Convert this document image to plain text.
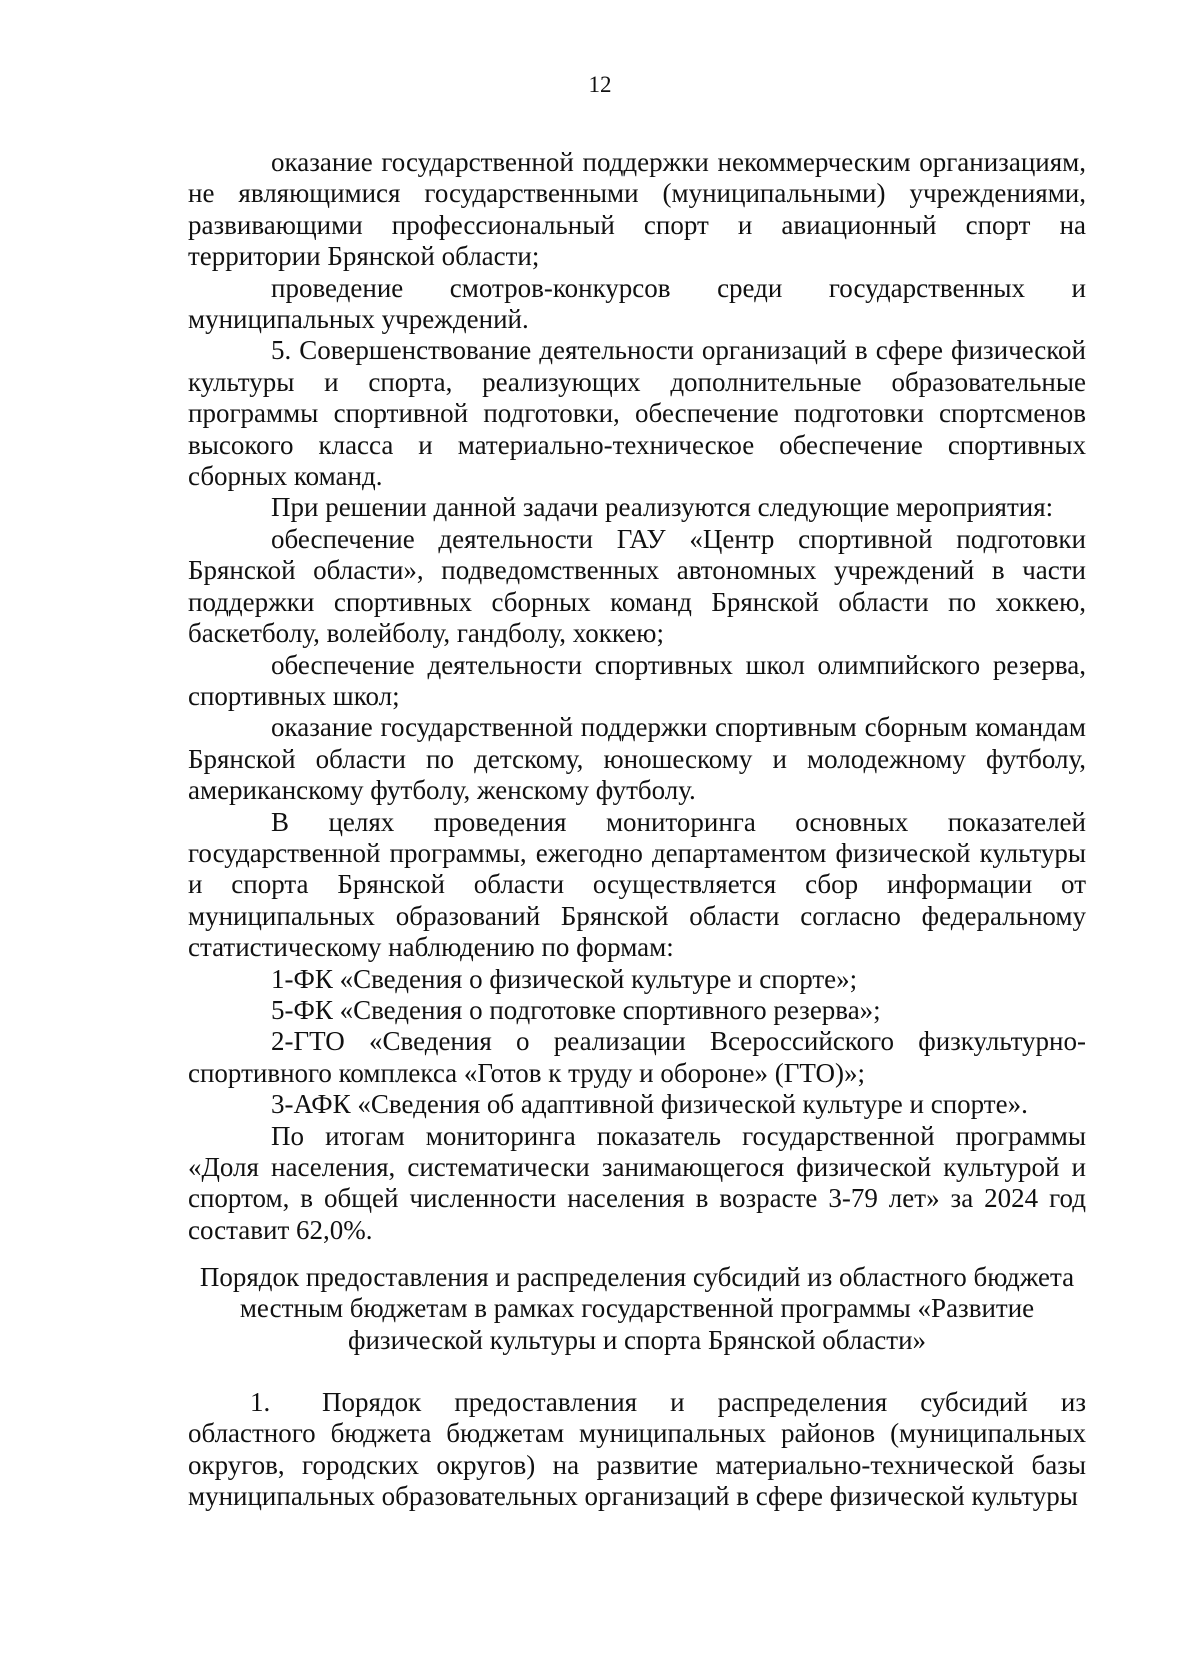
12

оказание государственной поддержки некоммерческим организациям, не являющимися государственными (муниципальными) учреждениями, развивающими профессиональный спорт и авиационный спорт на территории Брянской области;

проведение смотров-конкурсов среди государственных и муниципальных учреждений.

5. Совершенствование деятельности организаций в сфере физической культуры и спорта, реализующих дополнительные образовательные программы спортивной подготовки, обеспечение подготовки спортсменов высокого класса и материально-техническое обеспечение спортивных сборных команд.

При решении данной задачи реализуются следующие мероприятия:

обеспечение деятельности ГАУ «Центр спортивной подготовки Брянской области», подведомственных автономных учреждений в части поддержки спортивных сборных команд Брянской области по хоккею, баскетболу, волейболу, гандболу, хоккею;

обеспечение деятельности спортивных школ олимпийского резерва, спортивных школ;

оказание государственной поддержки спортивным сборным командам Брянской области по детскому, юношескому и молодежному футболу, американскому футболу, женскому футболу.

В целях проведения мониторинга основных показателей государственной программы, ежегодно департаментом физической культуры и спорта Брянской области осуществляется сбор информации от муниципальных образований Брянской области согласно федеральному статистическому наблюдению по формам:

1-ФК «Сведения о физической культуре и спорте»;

5-ФК «Сведения о подготовке спортивного резерва»;

2-ГТО «Сведения о реализации Всероссийского физкультурно-спортивного комплекса «Готов к труду и обороне» (ГТО)»;

3-АФК «Сведения об адаптивной физической культуре и спорте».

По итогам мониторинга показатель государственной программы «Доля населения, систематически занимающегося физической культурой и спортом, в общей численности населения в возрасте 3-79 лет» за 2024 год составит 62,0%.

Порядок предоставления и распределения субсидий из областного бюджета
местным бюджетам в рамках государственной программы «Развитие
физической культуры и спорта Брянской области»

1. Порядок предоставления и распределения субсидий из областного бюджета бюджетам муниципальных районов (муниципальных округов, городских округов) на развитие материально-технической базы муниципальных образовательных организаций в сфере физической культуры
